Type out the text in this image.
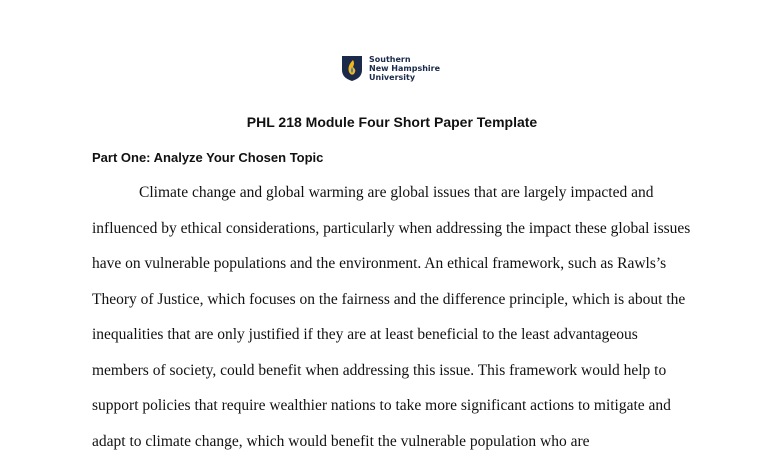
Southern
New Hampshire
University
PHL 218 Module Four Short Paper Template
Part One: Analyze Your Chosen Topic
Climate change and global warming are global issues that are largely impacted and
influenced by ethical considerations, particularly when addressing the impact these global issues
have on vulnerable populations and the environment. An ethical framework, such as Rawls’s
Theory of Justice, which focuses on the fairness and the difference principle, which is about the
inequalities that are only justified if they are at least beneficial to the least advantageous
members of society, could benefit when addressing this issue. This framework would help to
support policies that require wealthier nations to take more significant actions to mitigate and
adapt to climate change, which would benefit the vulnerable population who are
